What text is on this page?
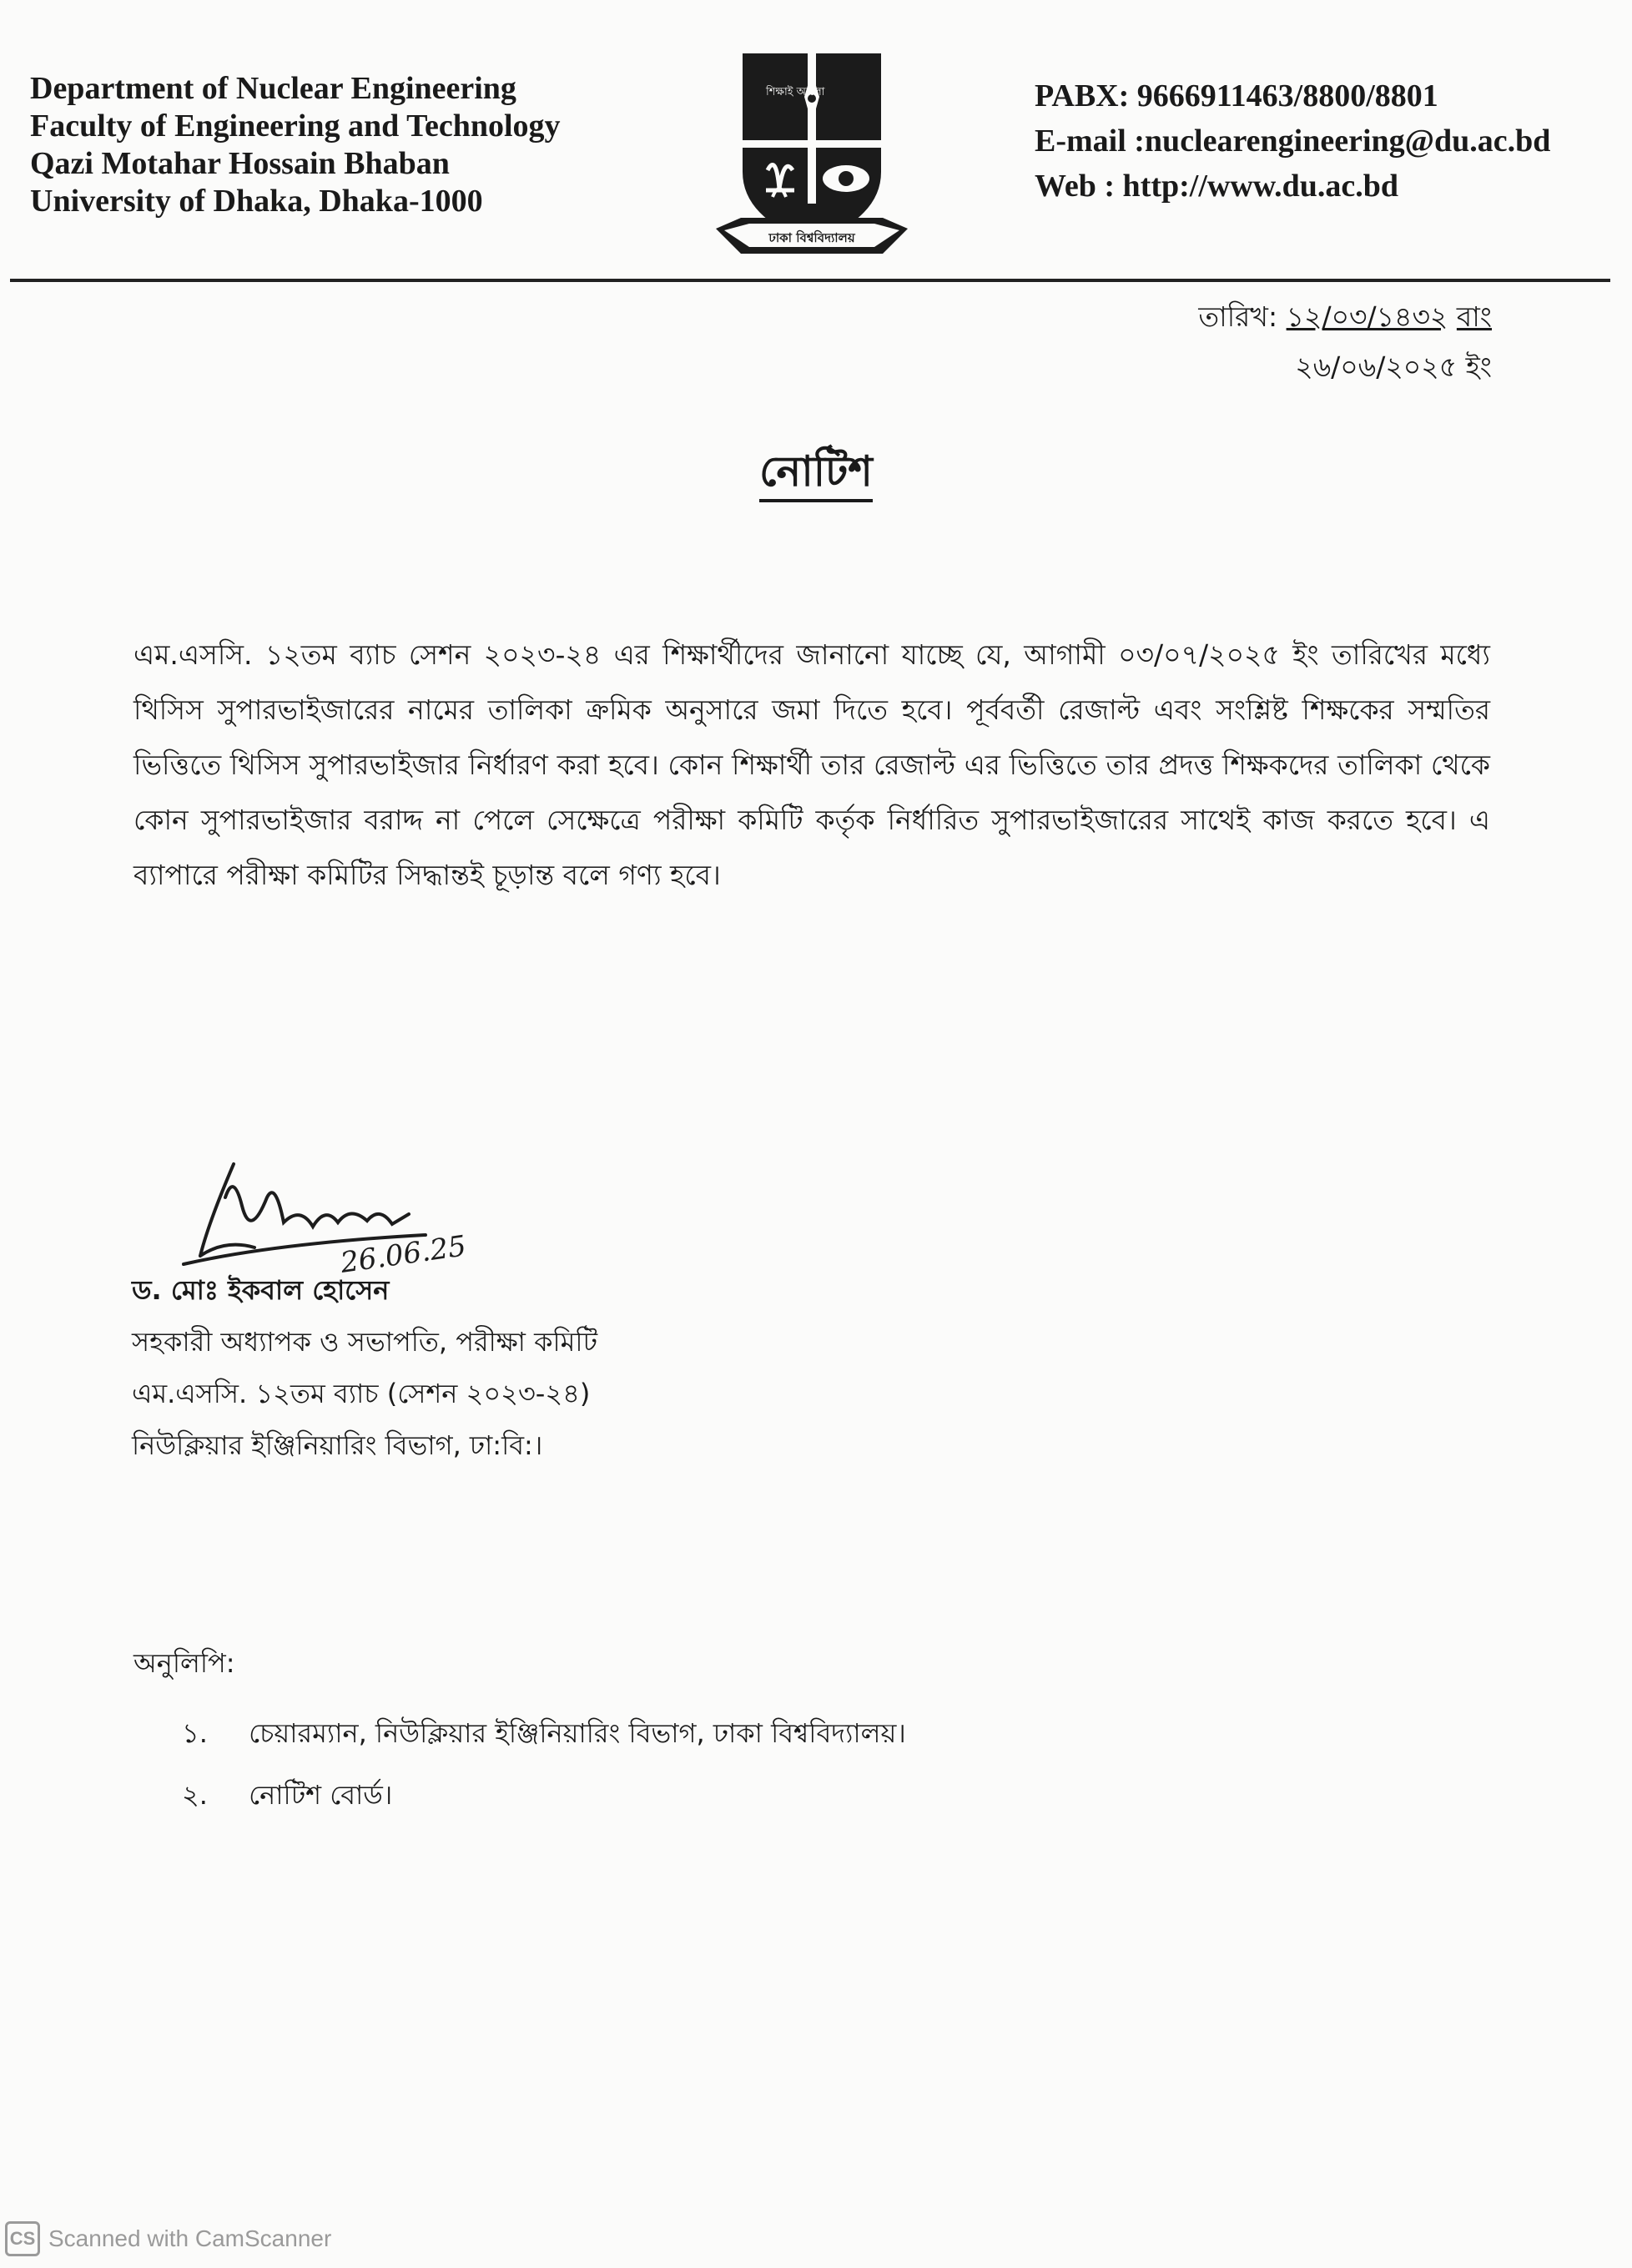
Department of Nuclear Engineering
Faculty of Engineering and Technology
Qazi Motahar Hossain Bhaban
University of Dhaka, Dhaka-1000
ঢাকা বিশ্ববিদ্যালয়
শিক্ষাই আলো	PABX: 9666911463/8800/8801
E-mail :nuclearengineering@du.ac.bd
Web : http://www.du.ac.bd
তারিখ: ১২/০৩/১৪৩২ বাং
২৬/০৬/২০২৫ ইং
নোটিশ
এম.এসসি. ১২তম ব্যাচ সেশন ২০২৩-২৪ এর শিক্ষার্থীদের জানানো যাচ্ছে যে, আগামী ০৩/০৭/২০২৫ ইং তারিখের মধ্যে থিসিস সুপারভাইজারের নামের তালিকা ক্রমিক অনুসারে জমা দিতে হবে। পূর্ববর্তী রেজাল্ট এবং সংশ্লিষ্ট শিক্ষকের সম্মতির ভিত্তিতে থিসিস সুপারভাইজার নির্ধারণ করা হবে। কোন শিক্ষার্থী তার রেজাল্ট এর ভিত্তিতে তার প্রদত্ত শিক্ষকদের তালিকা থেকে কোন সুপারভাইজার বরাদ্দ না পেলে সেক্ষেত্রে পরীক্ষা কমিটি কর্তৃক নির্ধারিত সুপারভাইজারের সাথেই কাজ করতে হবে। এ ব্যাপারে পরীক্ষা কমিটির সিদ্ধান্তই চূড়ান্ত বলে গণ্য হবে।
26.06.25
ড. মোঃ ইকবাল হোসেন
সহকারী অধ্যাপক ও সভাপতি, পরীক্ষা কমিটি
এম.এসসি. ১২তম ব্যাচ (সেশন ২০২৩-২৪)
নিউক্লিয়ার ইঞ্জিনিয়ারিং বিভাগ, ঢা:বি:।
অনুলিপি:
১. চেয়ারম্যান, নিউক্লিয়ার ইঞ্জিনিয়ারিং বিভাগ, ঢাকা বিশ্ববিদ্যালয়।
২. নোটিশ বোর্ড।
CS Scanned with CamScanner
